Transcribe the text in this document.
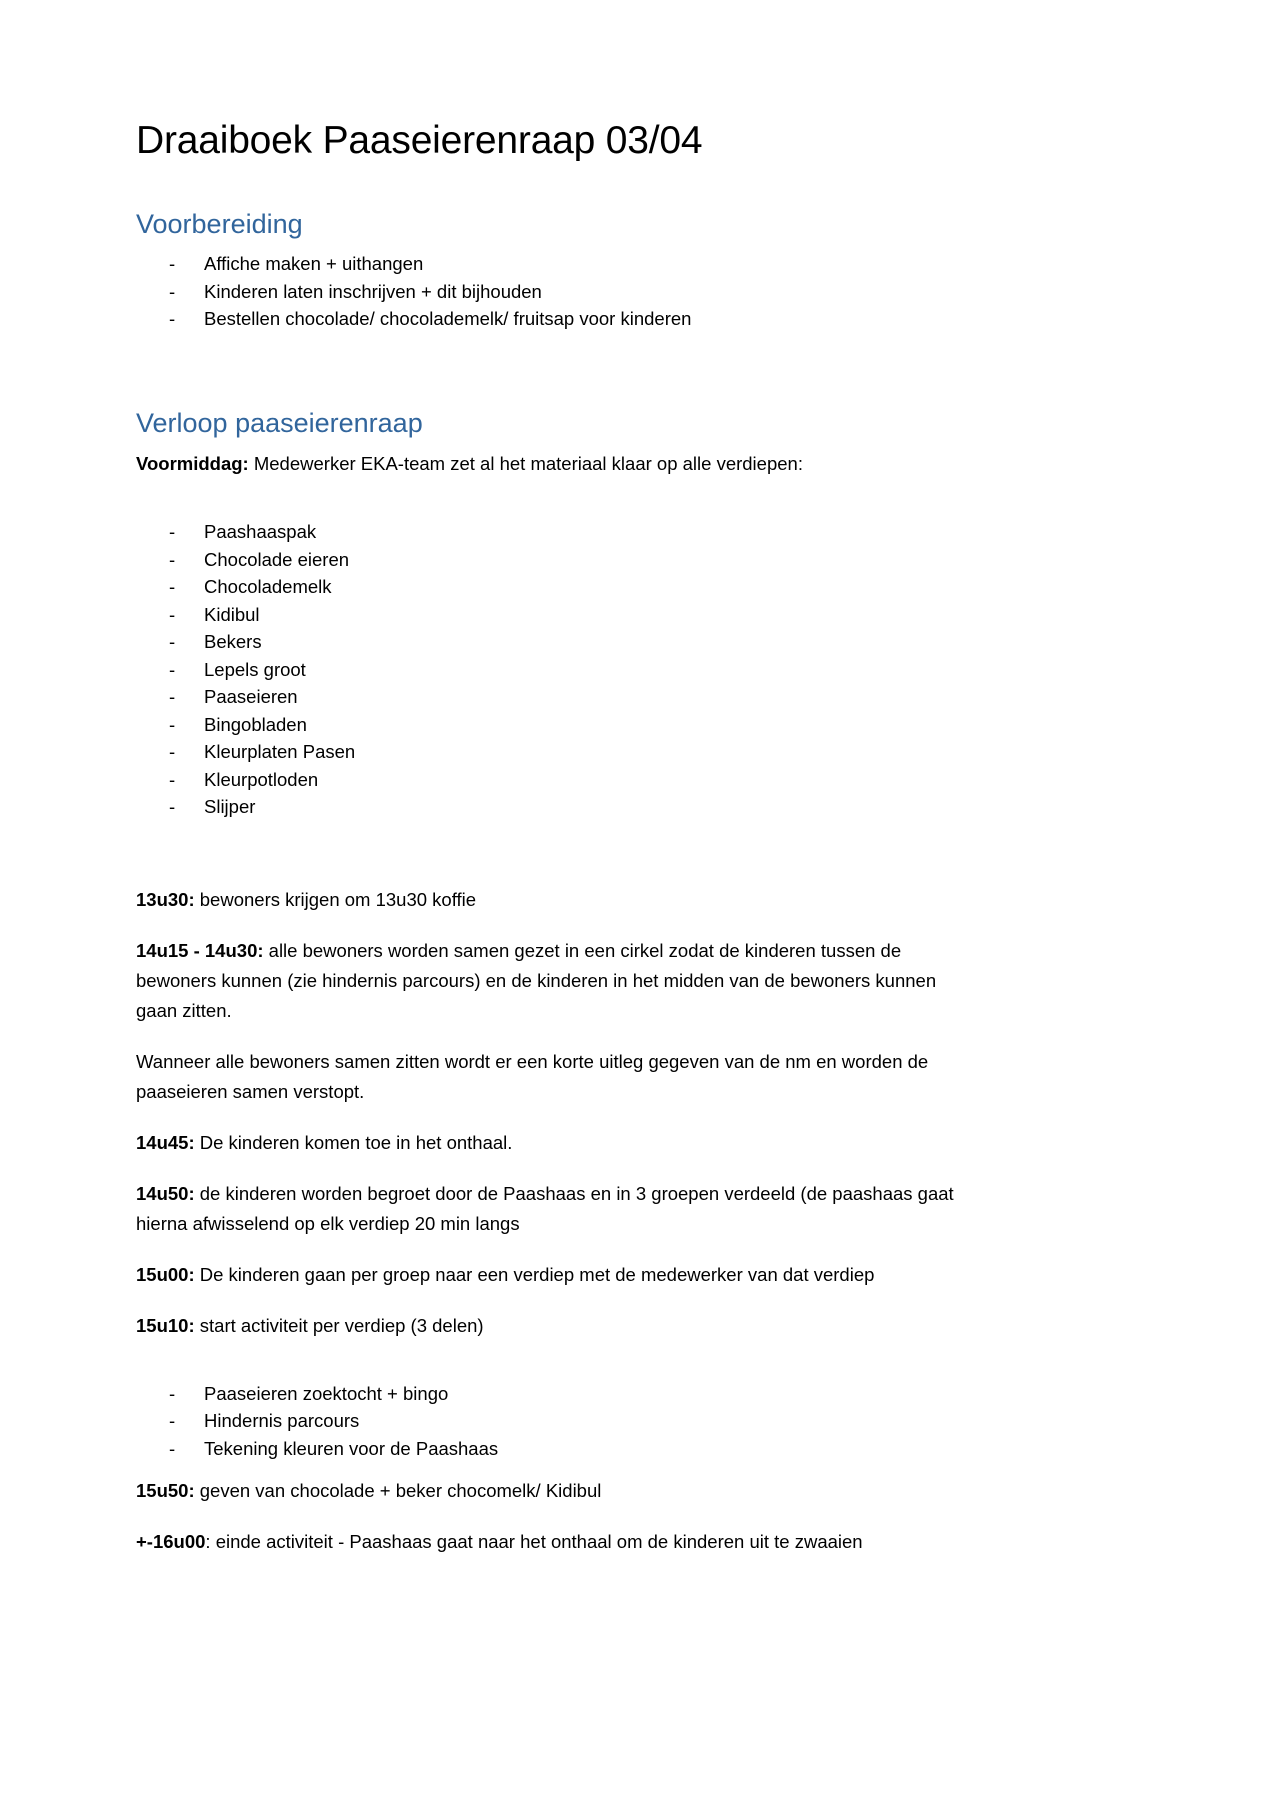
Draaiboek Paaseierenraap 03/04
Voorbereiding
- Affiche maken + uithangen
- Kinderen laten inschrijven + dit bijhouden
- Bestellen chocolade/ chocolademelk/ fruitsap voor kinderen
Verloop paaseierenraap

Voormiddag: Medewerker EKA-team zet al het materiaal klaar op alle verdiepen:

- Paashaaspak
- Chocolade eieren
- Chocolademelk
- Kidibul
- Bekers
- Lepels groot
- Paaseieren
- Bingobladen
- Kleurplaten Pasen
- Kleurpotloden
- Slijper

13u30: bewoners krijgen om 13u30 koffie

14u15 - 14u30: alle bewoners worden samen gezet in een cirkel zodat de kinderen tussen de bewoners kunnen (zie hindernis parcours) en de kinderen in het midden van de bewoners kunnen gaan zitten.

Wanneer alle bewoners samen zitten wordt er een korte uitleg gegeven van de nm en worden de paaseieren samen verstopt.

14u45: De kinderen komen toe in het onthaal.

14u50: de kinderen worden begroet door de Paashaas en in 3 groepen verdeeld (de paashaas gaat hierna afwisselend op elk verdiep 20 min langs

15u00: De kinderen gaan per groep naar een verdiep met de medewerker van dat verdiep

15u10: start activiteit per verdiep (3 delen)

- Paaseieren zoektocht + bingo
- Hindernis parcours
- Tekening kleuren voor de Paashaas

15u50: geven van chocolade + beker chocomelk/ Kidibul

+-16u00: einde activiteit - Paashaas gaat naar het onthaal om de kinderen uit te zwaaien
